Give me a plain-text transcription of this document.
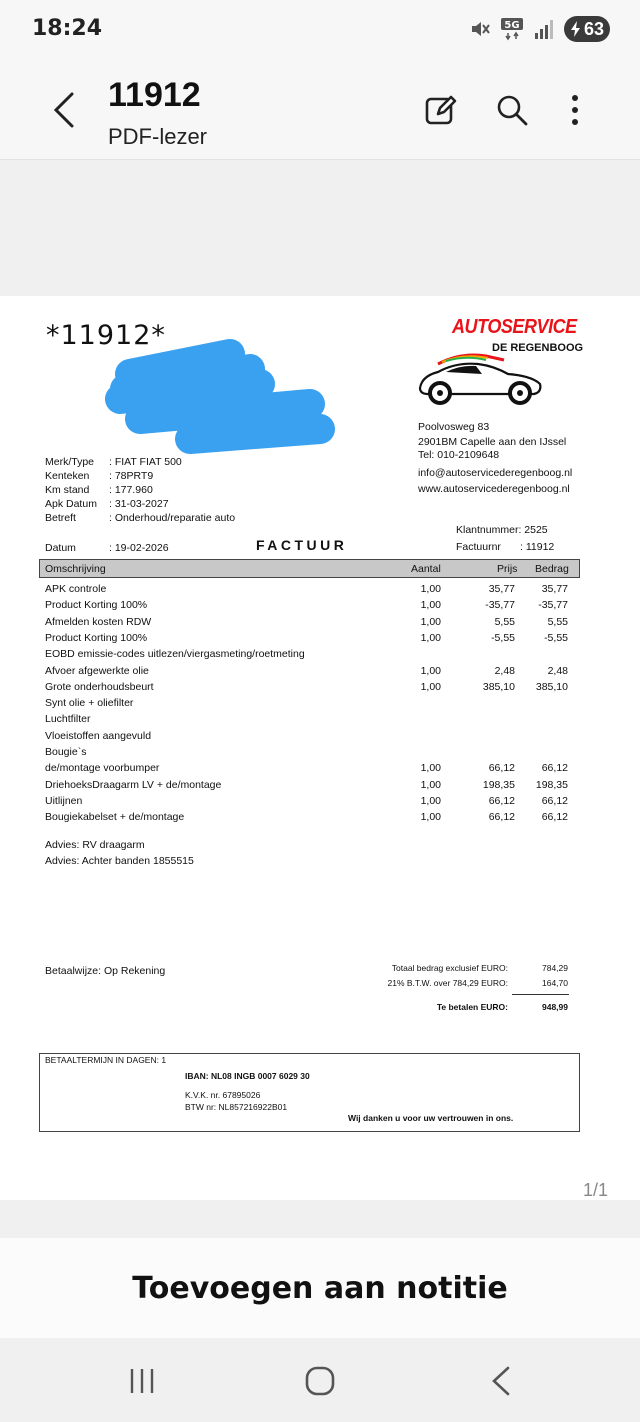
18:24	5G	63
11912
PDF-lezer
*11912*	AUTOSERVICE
DE REGENBOOG
Poolvosweg 83
2901BM Capelle aan den IJssel
Tel: 010-2109648
info@autoservicederegenboog.nl
www.autoservicederegenboog.nl
Merk/Type : FIAT FIAT 500
Kenteken : 78PRT9
Km stand : 177.960
Apk Datum : 31-03-2027
Betreft	: Onderhoud/reparatie auto
Datum	: 19-02-2026	FACTUUR
Klantnummer: 2525
Factuurnr : 11912
Omschrijving	Aantal	Prijs Bedrag
APK controle	1,00	35,77	35,77
Product Korting 100%	1,00	-35,77	-35,77
Afmelden kosten RDW	1,00	5,55	5,55
Product Korting 100%	1,00	-5,55	-5,55
EOBD emissie-codes uitlezen/viergasmeting/roetmeting
Afvoer afgewerkte olie	1,00	2,48	2,48
Grote onderhoudsbeurt	1,00	385,10	385,10
Synt olie + oliefilter
Luchtfilter
Vloeistoffen aangevuld
Bougie`s
de/montage voorbumper	1,00	66,12	66,12
DriehoeksDraagarm LV + de/montage	1,00	198,35	198,35
Uitlijnen	1,00	66,12	66,12
Bougiekabelset + de/montage	1,00	66,12	66,12
Advies: RV draagarm
Advies: Achter banden 1855515
Betaalwijze: Op Rekening	Totaal bedrag exclusief EURO:	784,29
21% B.T.W. over 784,29 EURO:	164,70
Te betalen EURO:	948,99
BETAALTERMIJN IN DAGEN: 1
IBAN: NL08 INGB 0007 6029 30
K.V.K. nr. 67895026
BTW nr: NL857216922B01
Wij danken u voor uw vertrouwen in ons.
1/1
Toevoegen aan notitie
